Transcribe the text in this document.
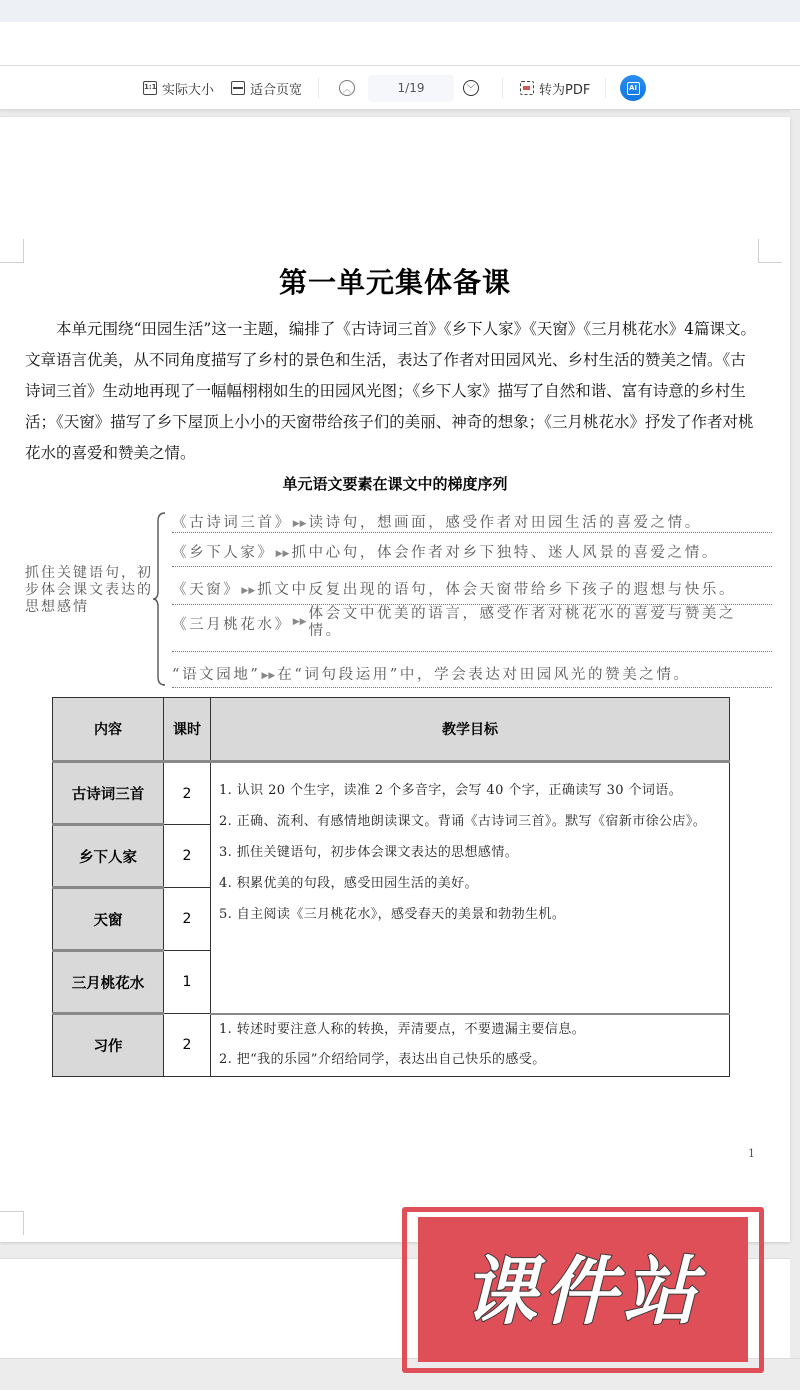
1:1 实际大小	适合页宽	︿	1/19	﹀	转为PDF	AI
第一单元集体备课

本单元围绕“田园生活”这一主题，编排了《古诗词三首》《乡下人家》《天窗》《三月桃花水》4篇课文。文章语言优美，从不同角度描写了乡村的景色和生活，表达了作者对田园风光、乡村生活的赞美之情。《古诗词三首》生动地再现了一幅幅栩栩如生的田园风光图；《乡下人家》描写了自然和谐、富有诗意的乡村生活；《天窗》描写了乡下屋顶上小小的天窗带给孩子们的美丽、神奇的想象；《三月桃花水》抒发了作者对桃花水的喜爱和赞美之情。

单元语文要素在课文中的梯度序列
抓住关键语句，初步体会课文表达的思想感情
《古诗词三首》 ▶▶ 读诗句，想画面，感受作者对田园生活的喜爱之情。
《乡下人家》 ▶▶ 抓中心句，体会作者对乡下独特、迷人风景的喜爱之情。
《天窗》 ▶▶ 抓文中反复出现的语句，体会天窗带给乡下孩子的遐想与快乐。
《三月桃花水》 ▶▶ 体会文中优美的语言，感受作者对桃花水的喜爱与赞美之情。
“语文园地” ▶▶ 在“词句段运用”中，学会表达对田园风光的赞美之情。
内容	课时	教学目标
古诗词三首	2	1. 认识 20 个生字，读准 2 个多音字，会写 40 个字，正确读写 30 个词语。
2. 正确、流利、有感情地朗读课文。背诵《古诗词三首》。默写《宿新市徐公店》。
3. 抓住关键语句，初步体会课文表达的思想感情。
4. 积累优美的句段，感受田园生活的美好。
5. 自主阅读《三月桃花水》，感受春天的美景和勃勃生机。

乡下人家	2	
天窗	2	
三月桃花水	1	
习作	2	1. 转述时要注意人称的转换，弄清要点，不要遗漏主要信息。
2. 把“我的乐园”介绍给同学，表达出自己快乐的感受。
1
课件站
